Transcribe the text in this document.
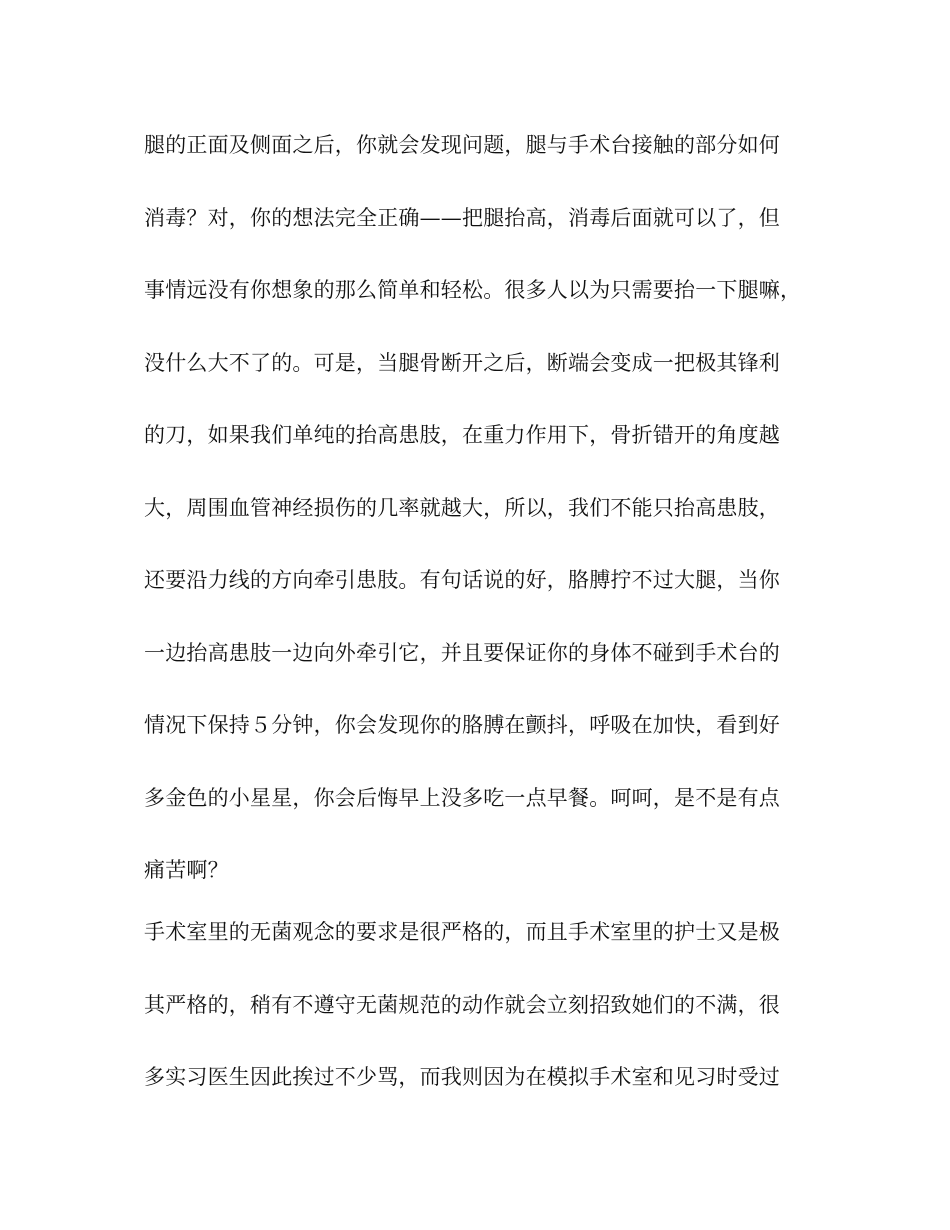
腿的正面及侧面之后，你就会发现问题，腿与手术台接触的部分如何
消毒？对，你的想法完全正确——把腿抬高，消毒后面就可以了，但
事情远没有你想象的那么简单和轻松。很多人以为只需要抬一下腿嘛，
没什么大不了的。可是，当腿骨断开之后，断端会变成一把极其锋利
的刀，如果我们单纯的抬高患肢，在重力作用下，骨折错开的角度越
大，周围血管神经损伤的几率就越大，所以，我们不能只抬高患肢，
还要沿力线的方向牵引患肢。有句话说的好，胳膊拧不过大腿，当你
一边抬高患肢一边向外牵引它，并且要保证你的身体不碰到手术台的
情况下保持５分钟，你会发现你的胳膊在颤抖，呼吸在加快，看到好
多金色的小星星，你会后悔早上没多吃一点早餐。呵呵，是不是有点
痛苦啊？
手术室里的无菌观念的要求是很严格的，而且手术室里的护士又是极
其严格的，稍有不遵守无菌规范的动作就会立刻招致她们的不满，很
多实习医生因此挨过不少骂，而我则因为在模拟手术室和见习时受过
